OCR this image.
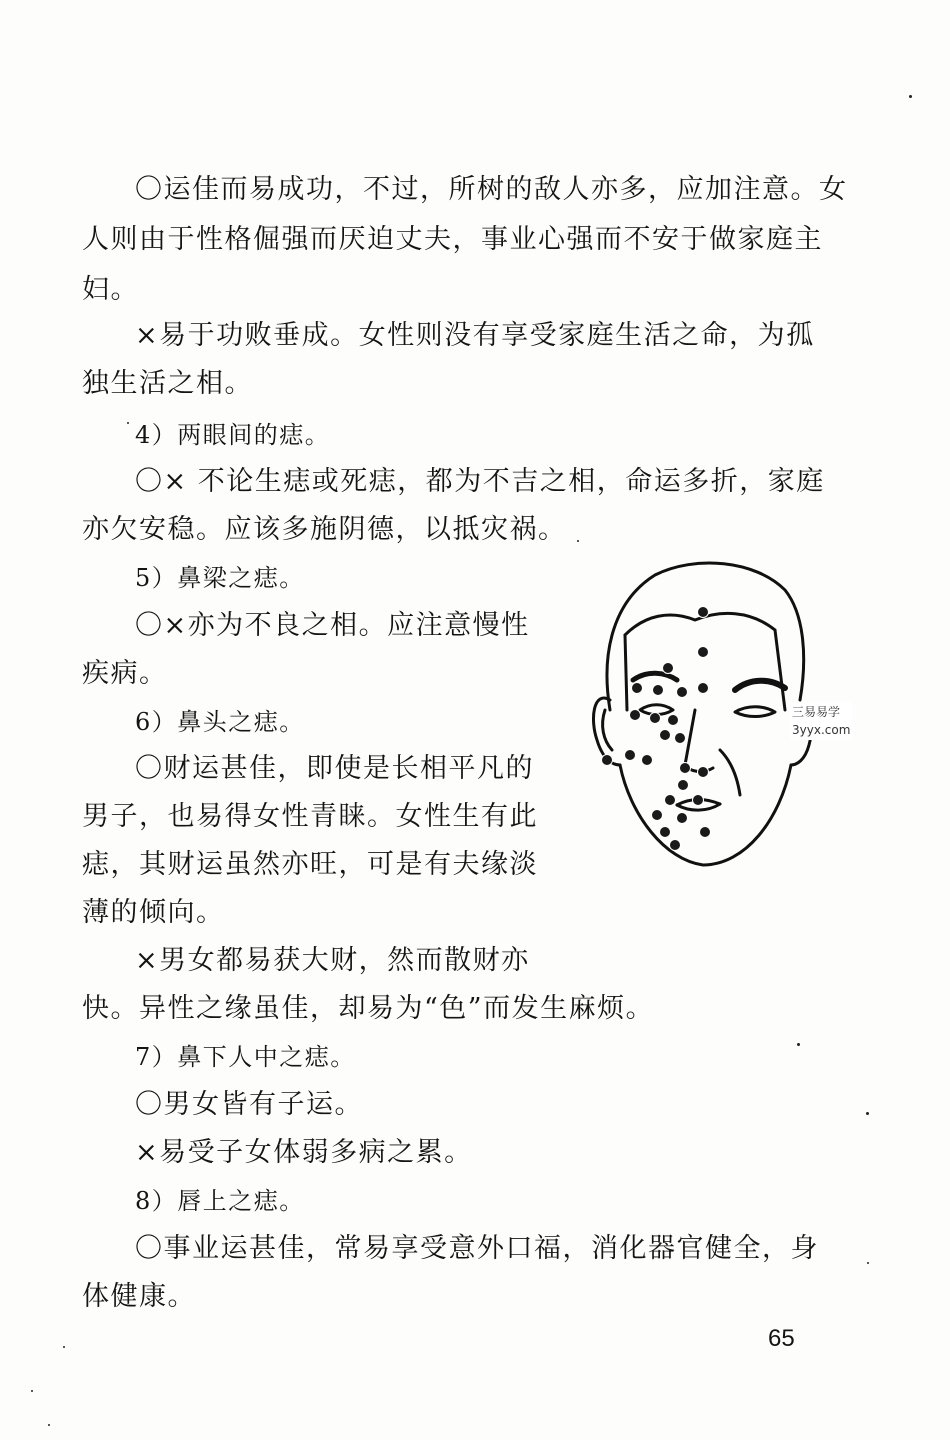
〇运佳而易成功，不过，所树的敌人亦多，应加注意。女
人则由于性格倔强而厌迫丈夫，事业心强而不安于做家庭主
妇。
×易于功败垂成。女性则没有享受家庭生活之命，为孤
独生活之相。
4）两眼间的痣。
〇× 不论生痣或死痣，都为不吉之相，命运多折，家庭
亦欠安稳。应该多施阴德，以抵灾祸。
5）鼻梁之痣。
〇×亦为不良之相。应注意慢性
疾病。
6）鼻头之痣。
〇财运甚佳，即使是长相平凡的
男子，也易得女性青睐。女性生有此
痣，其财运虽然亦旺，可是有夫缘淡
薄的倾向。
×男女都易获大财，然而散财亦
快。异性之缘虽佳，却易为“色”而发生麻烦。
7）鼻下人中之痣。
〇男女皆有子运。
×易受子女体弱多病之累。
8）唇上之痣。
〇事业运甚佳，常易享受意外口福，消化器官健全，身
体健康。
三易易学
3yyx.com
65
